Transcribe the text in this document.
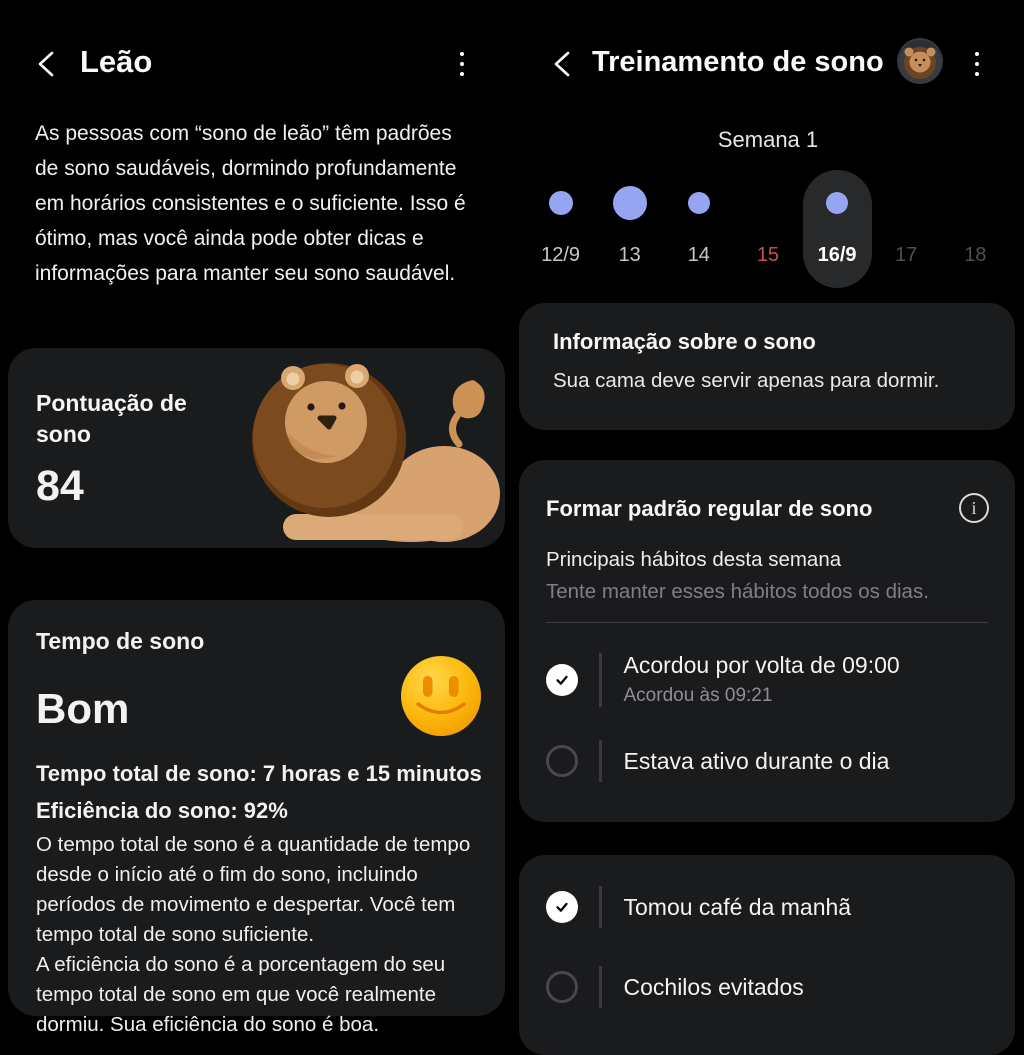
Leão

As pessoas com “sono de leão” têm padrões de sono saudáveis, dormindo profundamente em horários consistentes e o suficiente. Isso é ótimo, mas você ainda pode obter dicas e informações para manter seu sono saudável.

Pontuação de sono
84
Tempo de sono
Bom
Tempo total de sono: 7 horas e 15 minutos
Eficiência do sono: 92%
O tempo total de sono é a quantidade de tempo desde o início até o fim do sono, incluindo períodos de movimento e despertar. Você tem tempo total de sono suficiente.
A eficiência do sono é a porcentagem do seu tempo total de sono em que você realmente dormiu. Sua eficiência do sono é boa.
Treinamento de sono
Semana 1
12/9 13 14 15 16/9 17 18
Informação sobre o sono
Sua cama deve servir apenas para dormir.
Formar padrão regular de sono	i
Principais hábitos desta semana
Tente manter esses hábitos todos os dias.
Acordou por volta de 09:00
Acordou às 09:21
Estava ativo durante o dia
Tomou café da manhã
Cochilos evitados
